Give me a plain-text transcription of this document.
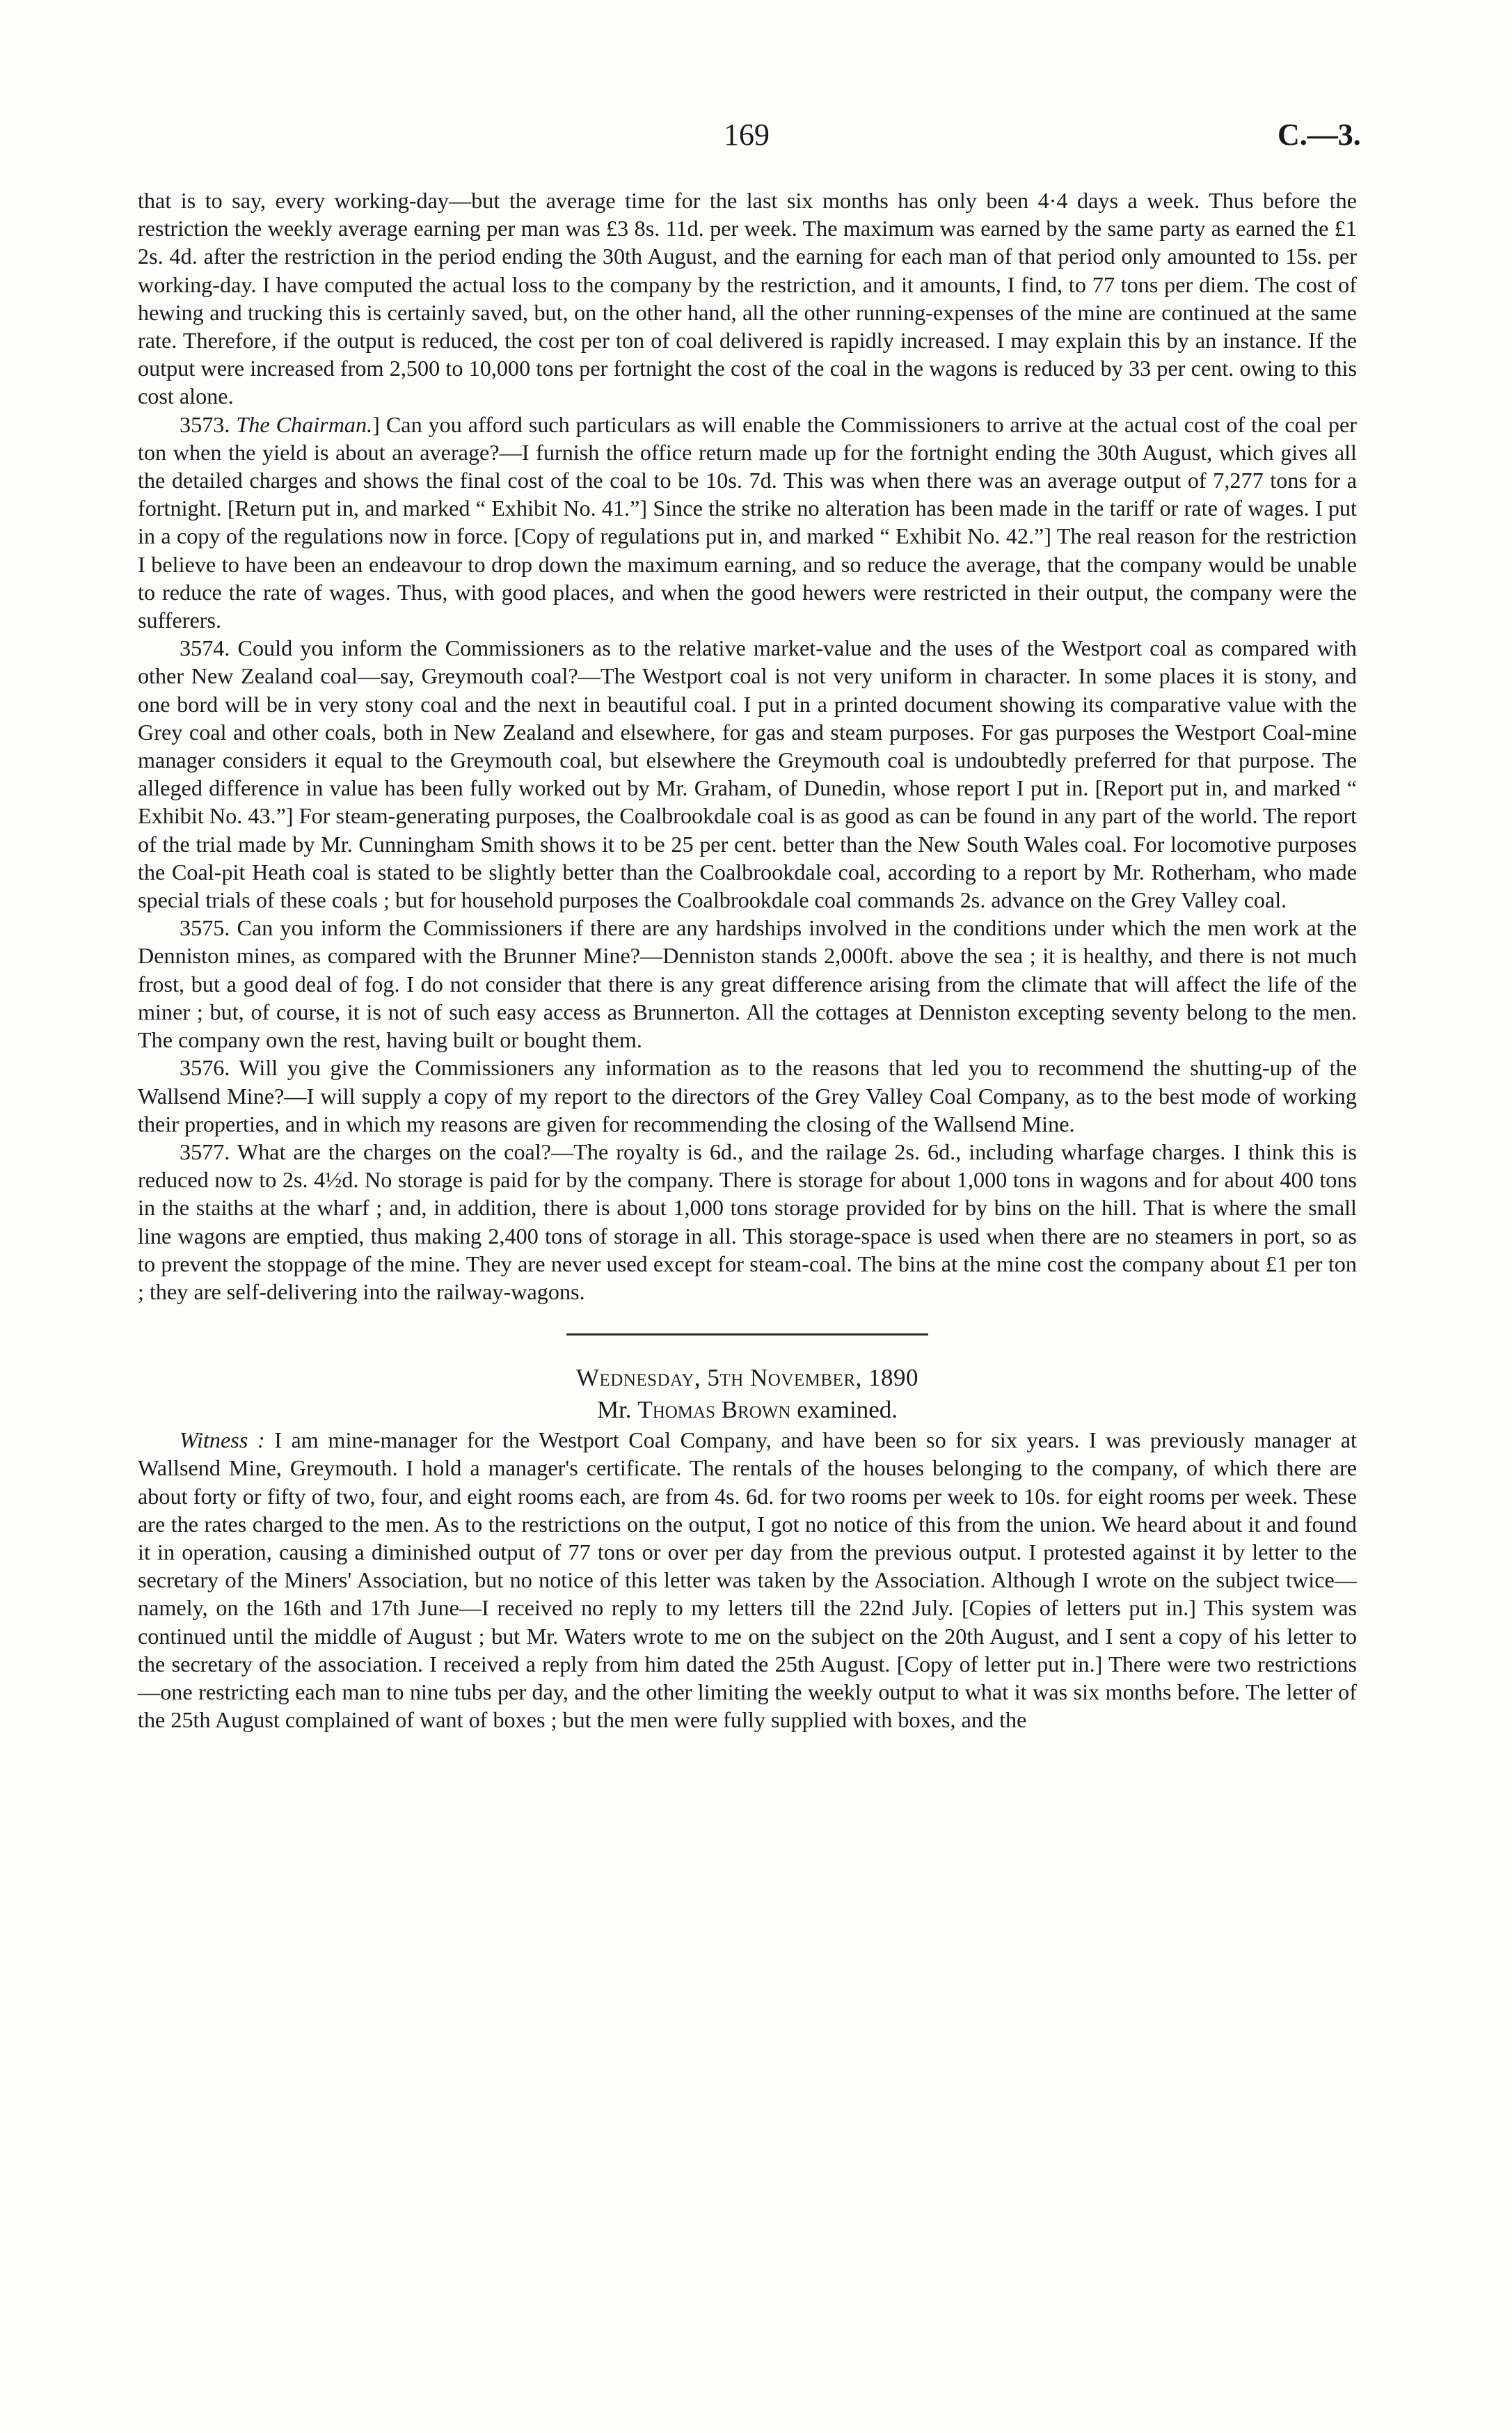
169	C.—3.

that is to say, every working-day—but the average time for the last six months has only been 4·4 days a week. Thus before the restriction the weekly average earning per man was £3 8s. 11d. per week. The maximum was earned by the same party as earned the £1 2s. 4d. after the restriction in the period ending the 30th August, and the earning for each man of that period only amounted to 15s. per working-day. I have computed the actual loss to the company by the restriction, and it amounts, I find, to 77 tons per diem. The cost of hewing and trucking this is certainly saved, but, on the other hand, all the other running-expenses of the mine are continued at the same rate. Therefore, if the output is reduced, the cost per ton of coal delivered is rapidly increased. I may explain this by an instance. If the output were increased from 2,500 to 10,000 tons per fortnight the cost of the coal in the wagons is reduced by 33 per cent. owing to this cost alone.

3573. The Chairman.] Can you afford such particulars as will enable the Commissioners to arrive at the actual cost of the coal per ton when the yield is about an average?—I furnish the office return made up for the fortnight ending the 30th August, which gives all the detailed charges and shows the final cost of the coal to be 10s. 7d. This was when there was an average output of 7,277 tons for a fortnight. [Return put in, and marked “ Exhibit No. 41.”] Since the strike no alteration has been made in the tariff or rate of wages. I put in a copy of the regulations now in force. [Copy of regulations put in, and marked “ Exhibit No. 42.”] The real reason for the restriction I believe to have been an endeavour to drop down the maximum earning, and so reduce the average, that the company would be unable to reduce the rate of wages. Thus, with good places, and when the good hewers were restricted in their output, the company were the sufferers.

3574. Could you inform the Commissioners as to the relative market-value and the uses of the Westport coal as compared with other New Zealand coal—say, Greymouth coal?—The Westport coal is not very uniform in character. In some places it is stony, and one bord will be in very stony coal and the next in beautiful coal. I put in a printed document showing its comparative value with the Grey coal and other coals, both in New Zealand and elsewhere, for gas and steam purposes. For gas purposes the Westport Coal-mine manager considers it equal to the Greymouth coal, but elsewhere the Greymouth coal is undoubtedly preferred for that purpose. The alleged difference in value has been fully worked out by Mr. Graham, of Dunedin, whose report I put in. [Report put in, and marked “ Exhibit No. 43.”] For steam-generating purposes, the Coalbrookdale coal is as good as can be found in any part of the world. The report of the trial made by Mr. Cunningham Smith shows it to be 25 per cent. better than the New South Wales coal. For locomotive purposes the Coal-pit Heath coal is stated to be slightly better than the Coalbrookdale coal, according to a report by Mr. Rotherham, who made special trials of these coals ; but for household purposes the Coalbrookdale coal commands 2s. advance on the Grey Valley coal.

3575. Can you inform the Commissioners if there are any hardships involved in the conditions under which the men work at the Denniston mines, as compared with the Brunner Mine?—Denniston stands 2,000ft. above the sea ; it is healthy, and there is not much frost, but a good deal of fog. I do not consider that there is any great difference arising from the climate that will affect the life of the miner ; but, of course, it is not of such easy access as Brunnerton. All the cottages at Denniston excepting seventy belong to the men. The company own the rest, having built or bought them.

3576. Will you give the Commissioners any information as to the reasons that led you to recommend the shutting-up of the Wallsend Mine?—I will supply a copy of my report to the directors of the Grey Valley Coal Company, as to the best mode of working their properties, and in which my reasons are given for recommending the closing of the Wallsend Mine.

3577. What are the charges on the coal?—The royalty is 6d., and the railage 2s. 6d., including wharfage charges. I think this is reduced now to 2s. 4½d. No storage is paid for by the company. There is storage for about 1,000 tons in wagons and for about 400 tons in the staiths at the wharf ; and, in addition, there is about 1,000 tons storage provided for by bins on the hill. That is where the small line wagons are emptied, thus making 2,400 tons of storage in all. This storage-space is used when there are no steamers in port, so as to prevent the stoppage of the mine. They are never used except for steam-coal. The bins at the mine cost the company about £1 per ton ; they are self-delivering into the railway-wagons.

Wednesday, 5th November, 1890
Mr. Thomas Brown examined.

Witness : I am mine-manager for the Westport Coal Company, and have been so for six years. I was previously manager at Wallsend Mine, Greymouth. I hold a manager's certificate. The rentals of the houses belonging to the company, of which there are about forty or fifty of two, four, and eight rooms each, are from 4s. 6d. for two rooms per week to 10s. for eight rooms per week. These are the rates charged to the men. As to the restrictions on the output, I got no notice of this from the union. We heard about it and found it in operation, causing a diminished output of 77 tons or over per day from the previous output. I protested against it by letter to the secretary of the Miners' Association, but no notice of this letter was taken by the Association. Although I wrote on the subject twice—namely, on the 16th and 17th June—I received no reply to my letters till the 22nd July. [Copies of letters put in.] This system was continued until the middle of August ; but Mr. Waters wrote to me on the subject on the 20th August, and I sent a copy of his letter to the secretary of the association. I received a reply from him dated the 25th August. [Copy of letter put in.] There were two restrictions—one restricting each man to nine tubs per day, and the other limiting the weekly output to what it was six months before. The letter of the 25th August complained of want of boxes ; but the men were fully supplied with boxes, and the
